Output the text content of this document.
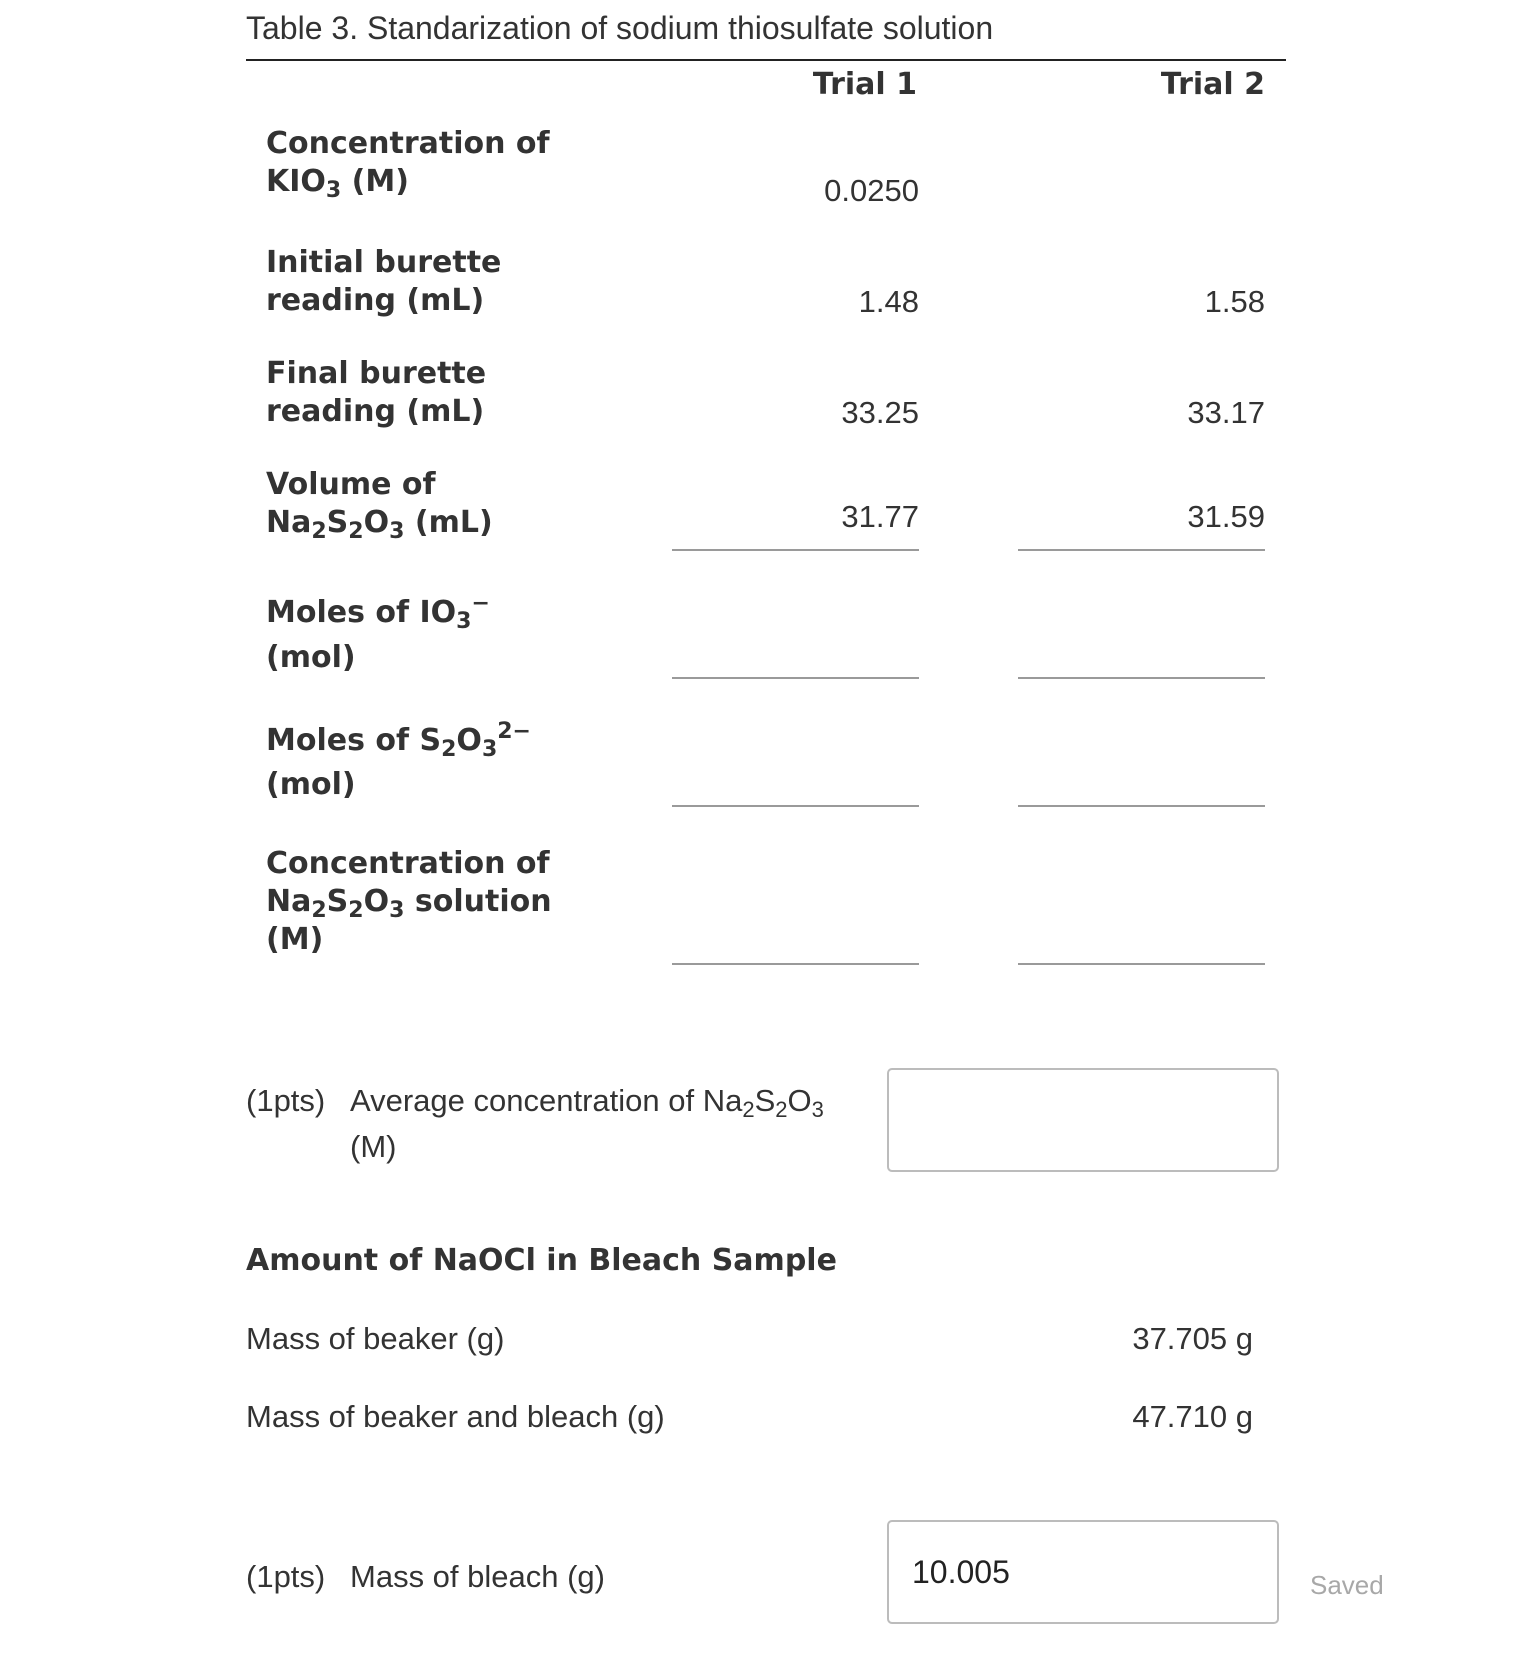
Table 3. Standarization of sodium thiosulfate solution
Trial 1	Trial 2
Concentration of
$KIO_3$ (M)	0.0250
Initial burette
reading (mL)	1.48	1.58
Final burette
reading (mL)	33.25	33.17
Volume of
$Na_2S_2O_3$ (mL)	31.77	31.59
Moles of $IO_3^-$
(mol)
Moles of $S_2O_3^{2-}$
(mol)
Concentration of
$Na_2S_2O_3$ solution
(M)
(1pts) Average concentration of $Na_2S_2O_3$
(M)
Amount of NaOCl in Bleach Sample
Mass of beaker (g)	37.705 g
Mass of beaker and bleach (g)	47.710 g
(1pts) Mass of bleach (g)	10.005	Saved
